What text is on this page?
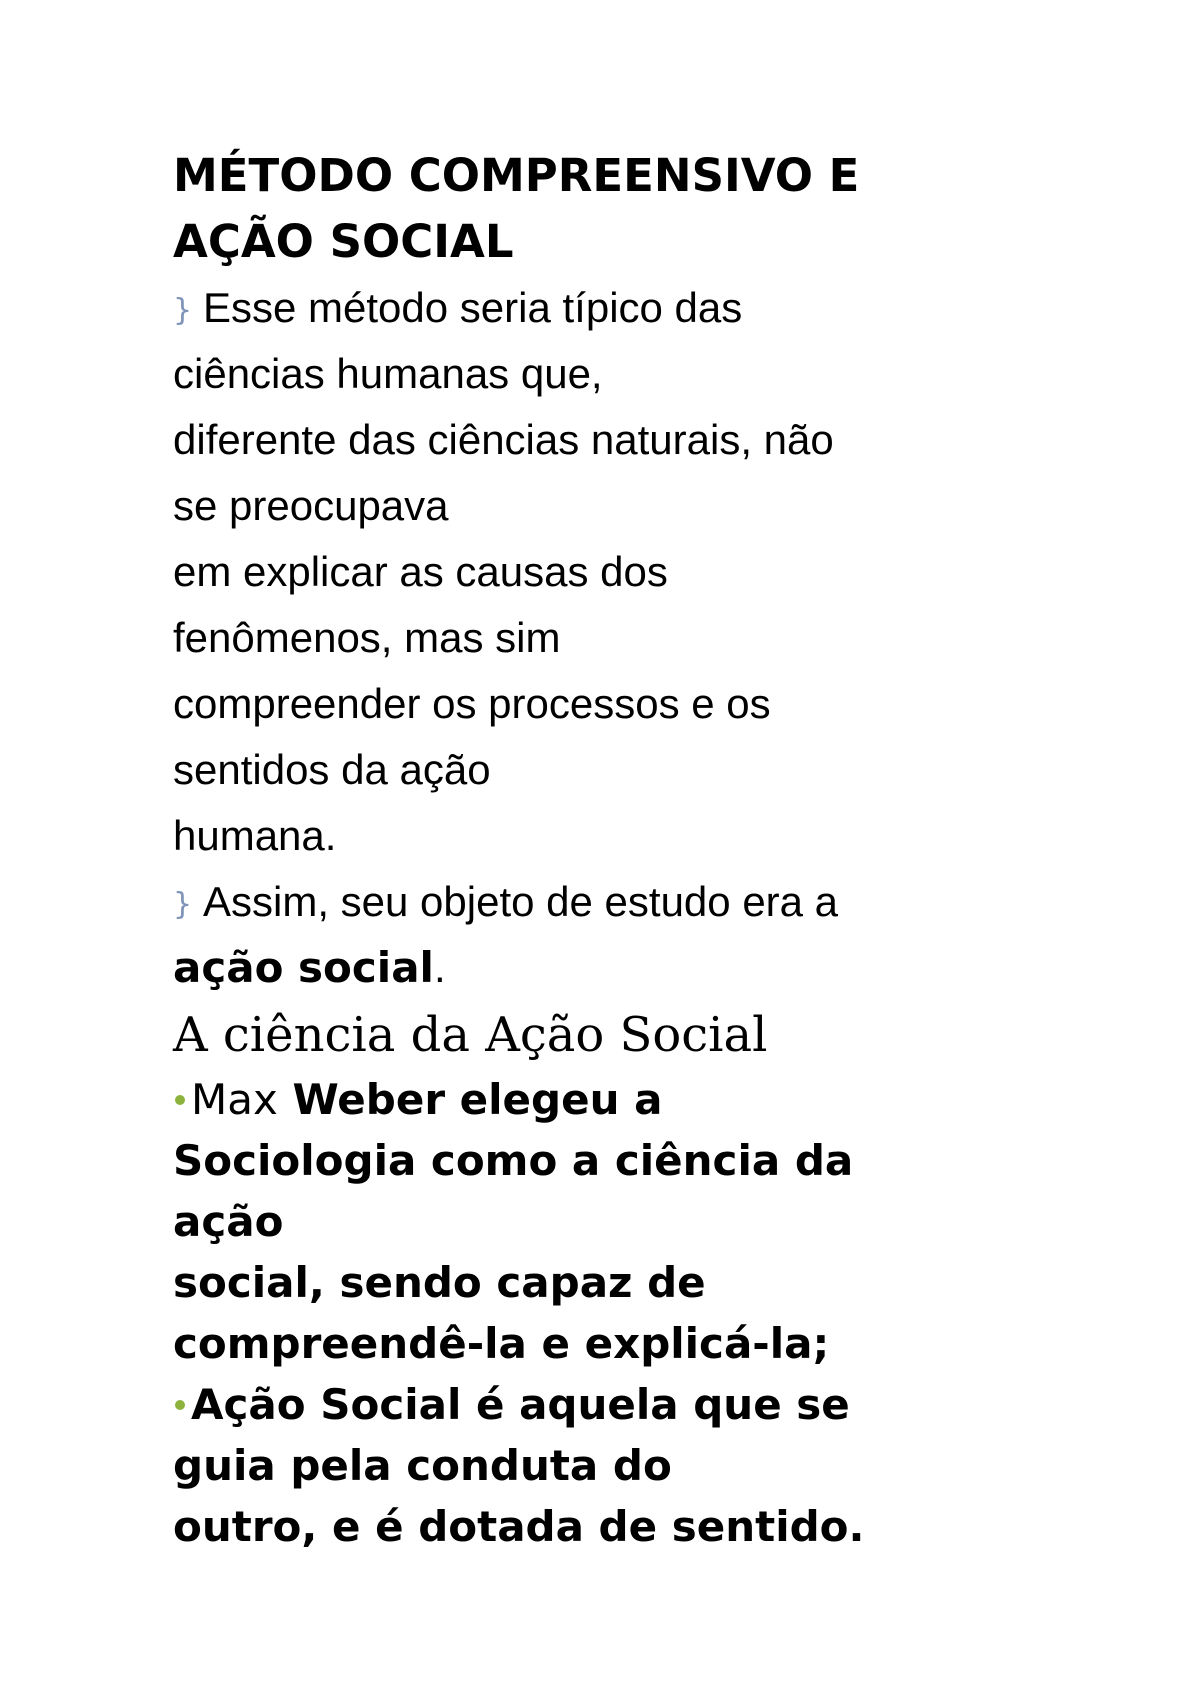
MÉTODO COMPREENSIVO E
AÇÃO SOCIAL
} Esse método seria típico das
ciências humanas que,
diferente das ciências naturais, não
se preocupava
em explicar as causas dos
fenômenos, mas sim
compreender os processos e os
sentidos da ação
humana.
} Assim, seu objeto de estudo era a
ação social.
A ciência da Ação Social
Max Weber elegeu a
Sociologia como a ciência da
ação
social, sendo capaz de
compreendê-la e explicá-la;
Ação Social é aquela que se
guia pela conduta do
outro, e é dotada de sentido.
